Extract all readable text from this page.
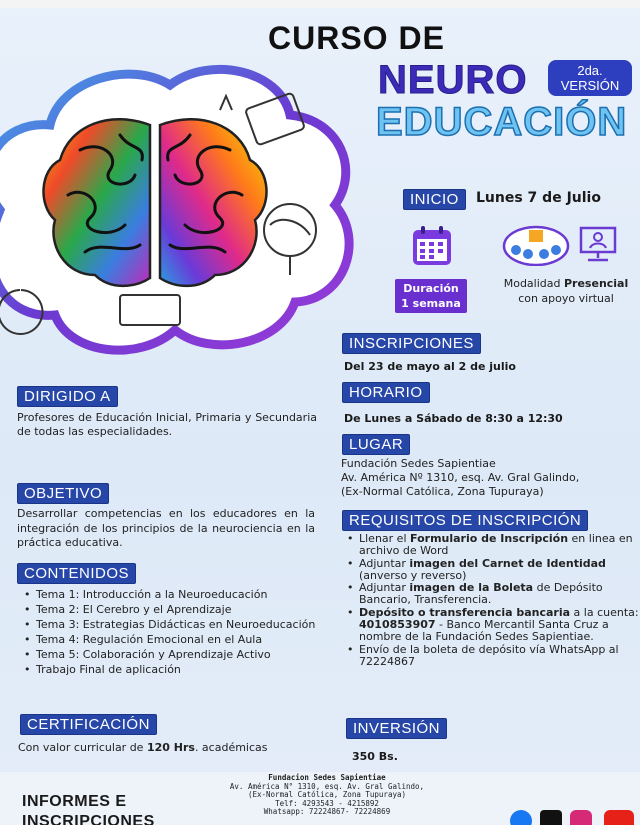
CURSO DE
NEURO
EDUCACIÓN
2da.
VERSIÓN
INICIO	Lunes 7 de Julio
Duración
1 semana
Modalidad Presencial
con apoyo virtual
INSCRIPCIONES
Del 23 de mayo al 2 de julio
HORARIO
De Lunes a Sábado de 8:30 a 12:30
LUGAR
Fundación Sedes Sapientiae
Av. América Nº 1310, esq. Av. Gral Galindo,
(Ex-Normal Católica, Zona Tupuraya)
REQUISITOS DE INSCRIPCIÓN
• Llenar el Formulario de Inscripción en linea en archivo de Word
• Adjuntar imagen del Carnet de Identidad (anverso y reverso)
• Adjuntar imagen de la Boleta de Depósito Bancario, Transferencia.
• Depósito o transferencia bancaria a la cuenta: 4010853907 - Banco Mercantil Santa Cruz a nombre de la Fundación Sedes Sapientiae.
• Envío de la boleta de depósito vía WhatsApp al 72224867
INVERSIÓN
350 Bs.
DIRIGIDO A
Profesores de Educación Inicial, Primaria y Secundaria de todas las especialidades.
OBJETIVO
Desarrollar competencias en los educadores en la integración de los principios de la neurociencia en la práctica educativa.
CONTENIDOS
• Tema 1: Introducción a la Neuroeducación
• Tema 2: El Cerebro y el Aprendizaje
• Tema 3: Estrategias Didácticas en Neuroeducación
• Tema 4: Regulación Emocional en el Aula
• Tema 5: Colaboración y Aprendizaje Activo
• Trabajo Final de aplicación
CERTIFICACIÓN
Con valor curricular de 120 Hrs. académicas
INFORMES E
INSCRIPCIONES
Fundacion Sedes Sapientiae
Av. América N° 1310, esq. Av. Gral Galindo,
(Ex-Normal Católica, Zona Tupuraya)
Telf: 4293543 - 4215892
Whatsapp: 72224867- 72224869
